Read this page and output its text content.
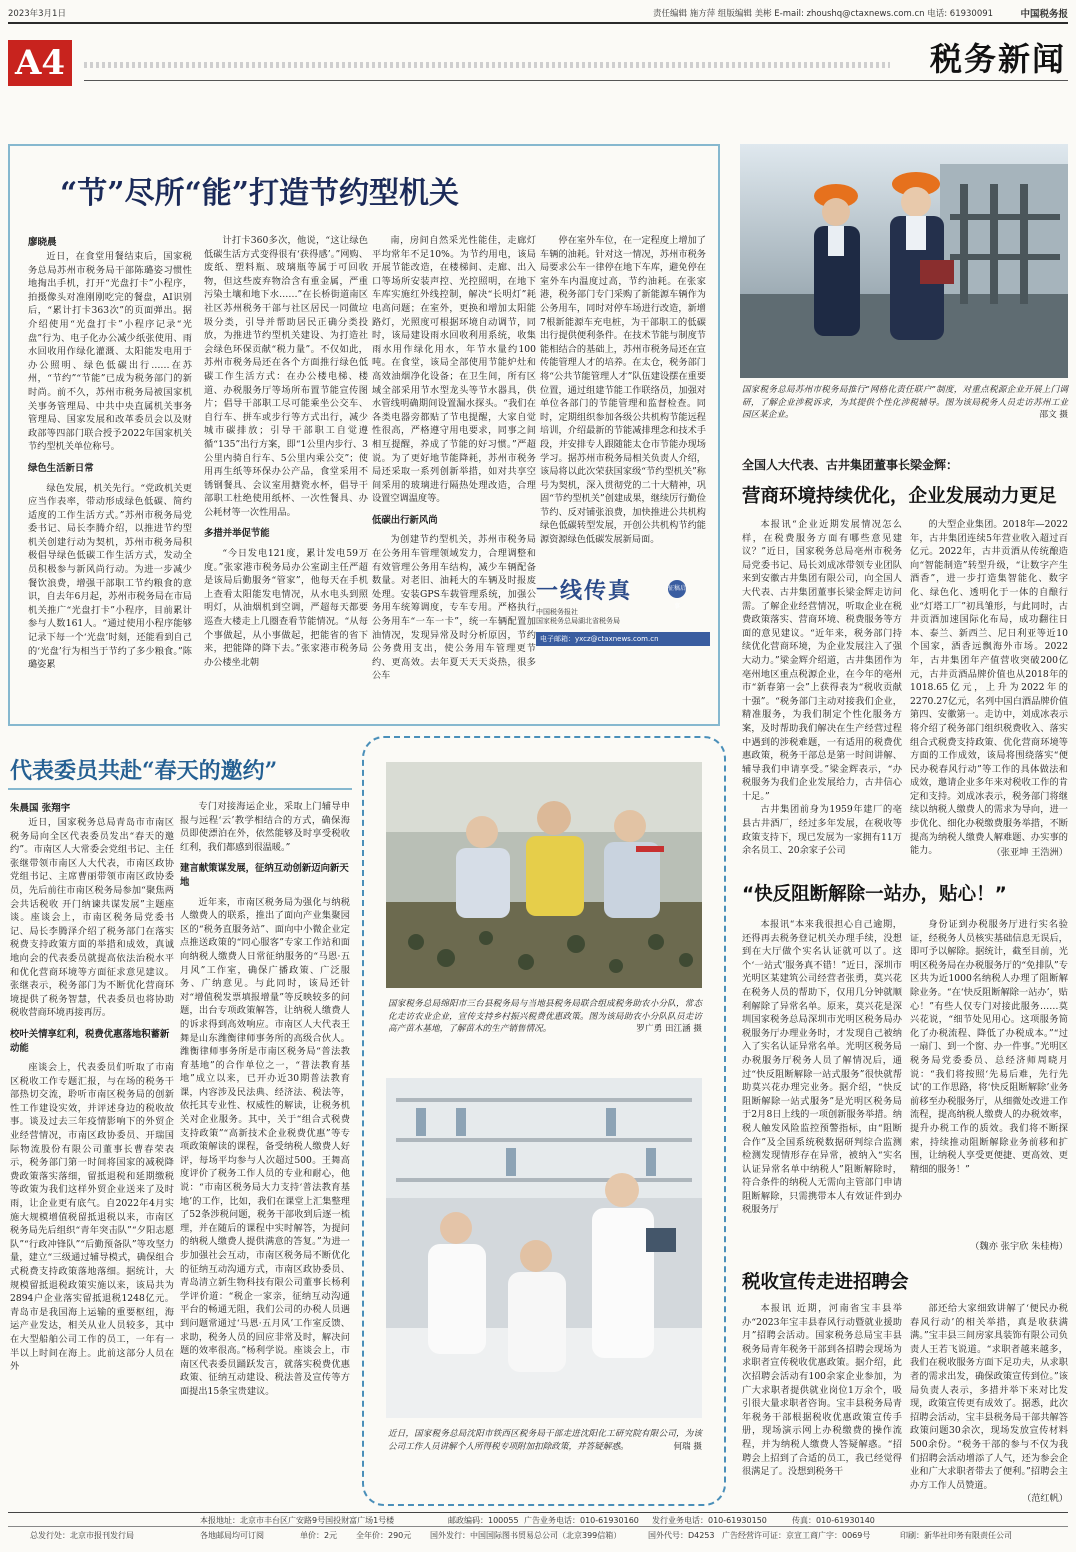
2023年3月1日	责任编辑 施方萍 组版编辑 美彬 E-mail: zhoushq@ctaxnews.com.cn 电话: 61930091	中国税务报
A4	税务新闻
“节”尽所“能”打造节约型机关
廖晓晨
近日，在食堂用餐结束后，国家税务总局苏州市税务局干部陈璐姿习惯性地掏出手机，打开“光盘打卡”小程序，拍摄像头对准刚刚吃完的餐盘，AI识别后，“累计打卡363次”的页面弹出。据介绍使用“光盘打卡”小程序记录“光盘”行为、电子化办公减少纸张使用、雨水回收用作绿化灌溉、太阳能发电用于办公照明、绿色低碳出行……在苏州，“节约”“节能”已成为税务部门的新时尚。前不久，苏州市税务局被国家机关事务管理局、中共中央直属机关事务管理局、国家发展和改革委员会以及财政部等四部门联合授予2022年国家机关节约型机关单位称号。
绿色生活新日常
绿色发展，机关先行。“党政机关更应当作表率，带动形成绿色低碳、简约适度的工作生活方式。”苏州市税务局党委书记、局长李腾介绍，以推进节约型机关创建行动为契机，苏州市税务局积极倡导绿色低碳工作生活方式，发动全员积极参与新风尚行动。为进一步减少餐饮浪费，增强干部职工节约粮食的意识，自去年6月起，苏州市税务局在市局机关推广“光盘打卡”小程序，目前累计参与人数161人。“通过使用小程序能够记录下每一个‘光盘’时刻，还能看到自己的‘光盘’行为相当于节约了多少粮食。”陈璐姿累
计打卡360多次，他说，“这让绿色低碳生活方式变得很有‘获得感’。”网购、废纸、塑料瓶、玻璃瓶等属于可回收物，但这些废弃物洽含有重金属，严重污染土壤和地下水……”在长桥街道南区社区苏州税务干部与社区居民一同做垃圾分类，引导并帮助居民正确分类投放，为推进节约型机关建设、为打造社会绿色环保贡献“税力量”。不仅如此，苏州市税务局还在各个方面推行绿色低碳工作生活方式：在办公楼电梯、楼道、办税服务厅等场所布置节能宣传图片；倡导干部职工尽可能乘坐公交车、自行车、拼车或步行等方式出行，减少城市碳排放；引导干部职工自觉遵循“135”出行方案，即“1公里内步行、3公里内骑自行车、5公里内乘公交”；使用再生纸等环保办公产品，食堂采用不锈钢餐具、会议室用搪瓷水杯，倡导干部职工杜绝使用纸杯、一次性餐具、办公耗材等一次性用品。
多措并举促节能
“今日发电121度，累计发电59万度。”张家港市税务局办公室副主任严超是该局后勤服务“管家”，他每天在手机上查看太阳能发电情况，从水电头到照明灯，从油烟机到空调，严超每天都要巡查大楼走上几圈查看节能情况。“从每个事做起，从小事做起，把能省的省下来，把能降的降下去。”张家港市税务局办公楼坐北朝
南，房间自然采光性能佳，走廊灯平均常年不足10%。为节约用电，该局开展节能改造，在楼梯间、走廊、出入口等场所安装声控、光控照明，在地下车库实施红外线控制，解决“长明灯”耗电高问题；在室外，更换和增加太阳能路灯，光照度可根据环境自动调节，同时，该局建设雨水回收利用系统，收集雨水用作绿化用水，年节水量约100吨。在食堂，该局全部使用节能炉灶和高效油烟净化设备；在卫生间，所有区域全部采用节水型龙头等节水器具，供水管线明确期间设置漏水探头。“我们在各类电器旁都贴了节电提醒，大家自觉性很高，严格遵守用电要求，同事之间相互提醒，养成了节能的好习惯。”严超说。为了更好地节能降耗，苏州市税务局还采取一系列创新举措，如对共享空间采用的玻璃进行隔热处理改造，合理设置空调温度等。
低碳出行新风尚
为创建节约型机关，苏州市税务局在公务用车管理领域发力，合理调整和有效管理公务用车结构，减少车辆配备数量。对老旧、油耗大的车辆及时报废处理。安装GPS车载管理系统，加强公务用车统筹调度，专车专用。严格执行公务用车“一车一卡”，统一车辆配置加油情况，发现异常及时分析原因，节约公务费用支出，使公务用车管理更节约、更高效。去年夏天天天炎热，很多公车
停在室外车位，在一定程度上增加了车辆的油耗。针对这一情况，苏州市税务局要求公车一律停在地下车库，避免停在室外车内温度过高，节约油耗。在张家港，税务部门专门采购了新能源车辆作为公务用车，同时对停车场进行改造，新增7根新能源车充电桩，为干部职工的低碳出行提供便利条件。在技术节能与制度节能相结合的基础上，苏州市税务局还在宣传能管理人才的培养。在太仓，税务部门将“公共节能管理人才”队伍建设摆在重要位置，通过组建节能工作联络员，加强对单位各部门的节能管理和监督检查。同时，定期组织参加各级公共机构节能远程培训，介绍最新的节能减排理念和技术手段，并安排专人跟随能太仓市节能办现场学习。据苏州市税务局相关负责人介绍，该局将以此次荣获国家级“节约型机关”称号为契机，深入贯彻党的二十大精神，巩固“节约型机关”创建成果，继续厉行勤俭节约、反对铺张浪费，加快推进公共机构绿色低碳转型发展，开创公共机构节约能源资源绿色低碳发展新局面。
一线传真	征稿启事
中国税务报社
国家税务总局湖北省税务局
电子邮箱：yxcz@ctaxnews.com.cn
国家税务总局苏州市税务局推行“网格化责任联户”制度，对重点税源企业开展上门调研，了解企业涉税诉求，为其提供个性化涉税辅导。图为该局税务人员走访苏州工业园区某企业。	邵文 摄
全国人大代表、古井集团董事长梁金辉：
营商环境持续优化，企业发展动力更足
本报讯“企业近期发展情况怎么样，在税费服务方面有哪些意见建议？”近日，国家税务总局亳州市税务局党委书记、局长刘成冰带领专业团队来到安徽古井集团有限公司，向全国人大代表、古井集团董事长梁金辉走访问需。了解企业经营情况，听取企业在税费政策落实、营商环境、税费服务等方面的意见建议。“近年来，税务部门持续优化营商环境，为企业发展注入了强大动力。”梁金辉介绍道，古井集团作为亳州地区重点税源企业，在今年的亳州市“新春第一会”上获得表为“税收贡献十强”。“税务部门主动对接我们企业，精准服务，为我们制定个性化服务方案，及时帮助我们解决在生产经营过程中遇到的涉税难题，一有适用的税费优惠政策，税务干部总是第一时间讲解、辅导我们申请享受。”梁金辉表示，“办税服务为我们企业发展给力，古井信心十足。”
古井集团前身为1959年建厂的亳县古井酒厂，经过多年发展，在税收等政策支持下，现已发展为一家拥有11万余名员工、20余家子公司
的大型企业集团。2018年—2022年，古井集团连续5年营业收入超过百亿元。2022年，古井贡酒从传统酿造向“智能制造”转型升级，“让数字产生酒香”，进一步打造集智能化、数字化、绿色化、透明化于一体的自酿行业“灯塔工厂”初具雏形，与此同时，古井贡酒加速国际化布局，成功翻往日本、泰兰、新西兰、尼日利亚等近10个国家，酒香远飘海外市场。2022年，古井集团年产值营收突破200亿元，古井贡酒品牌价值也从2018年的1018.65亿元，上升为2022年的2270.27亿元，名列中国白酒品牌价值第四、安徽第一。走访中，刘成冰表示将介绍了税务部门组织税费收入、落实组合式税费支持政策、优化营商环境等方面的工作成效，该局将围绕落实“便民办税春风行动”等工作的具体做法和成效，邀请企业多年来对税收工作的肯定和支持。刘成冰表示，税务部门将继续以纳税人缴费人的需求为导向，进一步优化、细化办税缴费服务举措，不断提高为纳税人缴费人解难题、办实事的能力。	（张亚坤 王浩洲）
“快反阻断解除一站办，贴心！”
本报讯“本来我很担心自己逾期，还得再去税务登记机关办理手续，没想到在大厅做个实名认证就可以了。这个‘一站式’服务真不错！”近日，深圳市光明区某建筑公司经营者张勇，莫兴花在税务人员的帮助下，仅用几分钟就顺利解除了异常名单。原来，莫兴花是深圳国家税务总局深圳市光明区税务局办税服务厅办理业务时，才发现自己被纳入了实名认证异常名单。光明区税务局办税服务厅税务人员了解情况后，通过“快反阻断解除一站式服务”很快就帮助莫兴花办理完业务。据介绍，“快反阻断解除一站式服务”是光明区税务局于2月8日上线的一项创新服务举措。纳税人触发风险监控预警指标，由“阻断合作”及全国系统税数据研判综合监测检测发现情形存在异常，被纳入“实名认证异常名单中纳税人”阻断解除时，符合条件的纳税人无需向主管部门申请阻断解除，只需携带本人有效证件到办税服务厅
身份证到办税服务厅进行实名验证，经税务人员核实基础信息无误后，即可予以解除。据统计，截至目前，光明区税务局在办税服务厅的“免排队”专区共为近1000名纳税人办理了阻断解除业务。“在‘快反阻断解除一站办’，贴心！”有些人仅专门对接此服务……莫兴花说，“细节处见用心。这项服务简化了办税流程、降低了办税成本。”“过一扇门、到一个窗、办一件事。”光明区税务局党委委员、总经济师周晓月说：“我们将按照‘先易后难，先行先试’的工作思路，将‘快反阻断解除’业务前移至办税服务厅，从细微处改进工作流程，提高纳税人缴费人的办税效率，提升办税工作的质效。我们将不断探索，持续推动阻断解除业务前移和扩围，让纳税人享受更便捷、更高效、更精细的服务！”
（魏亦 张宇欣 朱桂梅）
税收宣传走进招聘会
本报讯 近期，河南省宝丰县举办“2023年宝丰县春风行动暨就业援助月”招聘会活动。国家税务总局宝丰县税务局青年税务干部到各招聘会现场为求职者宣传税收优惠政策。据介绍，此次招聘会活动有100余家企业参加，为广大求职者提供就业岗位1万余个，吸引很大量求职者咨询。宝丰县税务局青年税务干部根据税收优惠政策宣传手册，现场演示网上办税缴费的操作流程，并为纳税人缴费人答疑解惑。“招聘会上招到了合适的员工，我已经觉得很满足了。没想到税务干
部还给大家细致讲解了‘便民办税春风行动’的相关举措，真是收获满满。”宝丰县三间房家具装饰有限公司负责人王若飞说道。“求职者越来越多，我们在税收服务方面下足功夫，从求职者的需求出发，确保政策宣传到位。”该局负责人表示，多措并举下来对比发现，政策宣传更有成效了。据悉，此次招聘会活动，宝丰县税务局干部共解答政策问题30余次，现场发放宣传材料500余份。“税务干部的参与不仅为我们招聘会活动增添了人气，还为参会企业和广大求职者带去了便利。”招聘会主办方工作人员赞道。
（范红帆）
代表委员共赴“春天的邀约”
朱晨国 张翔宇
近日，国家税务总局青岛市市南区税务局向全区代表委员发出“春天的邀约”。市南区人大常委会党组书记、主任张继带领市南区人大代表，市南区政协党组书记、主席曹丽带领市南区政协委员，先后前往市南区税务局参加“聚焦两会共话税收 开门纳谏共谋发展”主题座谈。座谈会上，市南区税务局党委书记、局长李腾泽介绍了税务部门在落实税费支持政策方面的举措和成效，真诚地向会的代表委员就提高依法治税水平和优化营商环境等方面征求意见建议。张继表示，税务部门为不断优化营商环境提供了税务智慧，代表委员也将协助税收营商环境再接再厉。
校叶关情享红利，税费优惠落地积蓄新动能
座谈会上，代表委员们听取了市南区税收工作专题汇报，与在场的税务干部热切交流，聆听市南区税务局的创新性工作建设实效，并评述身边的税收故事。谈及过去三年疫情影响下的外贸企业经营情况，市南区政协委员、开瑞国际物流股份有限公司董事长曹春荣表示，税务部门第一时间将国家的减税降费政策落实落细，留抵退税和延期缴税等政策为我们这样外贸企业送来了及时雨，让企业更有底气。自2022年4月实施大规模增值税留抵退税以来，市南区税务局先后组织“青年突击队”“夕阳志愿队”“行政冲锋队”“后勤预备队”等攻坚力量，建立“三级通过辅导模式，确保组合式税费支持政策落地落细。据统计，大规模留抵退税政策实施以来，该局共为2894户企业落实留抵退税1248亿元。青岛市是我国海上运输的重要枢纽，海运产业发达，相关从业人员较多，其中在大型船舶公司工作的员工，一年有一半以上时间在海上。此前这部分人员在外
专门对接海运企业，采取上门辅导申报与远程‘云’教学相结合的方式，确保海员即使漂泊在外，依然能够及时享受税收红利，我们都感到很温暖。”
建言献策谋发展，征纳互动创新迈向新天地
近年来，市南区税务局为强化与纳税人缴费人的联系，推出了面向产业集聚园区的“税务直服务站”、面向中小微企业定点推送政策的“同心服客”专家工作站和面向纳税人缴费人日常征纳服务的“马恩·五月风”工作室，确保广播政策、广泛服务、广纳意见。与此同时，该局还针对“增值税发票填报增量”等反映较多的问题，出台专项政策解答，让纳税人缴费人的诉求得到高效响应。市南区人大代表王舞是山东潍衡律师事务所的高级合伙人。潍衡律师事务所是市南区税务局“普法教育基地”的合作单位之一，“普法教育基地”成立以来，已开办近30期普法教育课，内容涉及民法典、经济法、税法等，依托其专业性、权威性的解读，让税务机关对企业服务。其中，关于“组合式税费支持政策”“高新技术企业税费优惠”等专项政策解读的课程，备受纳税人缴费人好评，每场平均参与人次超过500。王舞高度评价了税务工作人员的专业和耐心，他说：“市南区税务局大力支持‘普法教育基地’的工作，比如，我们在课堂上汇集整理了52条涉税问题，税务干部收到后逐一梳理，并在随后的课程中实时解答，为提问的纳税人缴费人提供满意的答复。”为进一步加强社会互动，市南区税务局不断优化的征纳互动沟通方式，市南区政协委员、青岛清立新生物科技有限公司董事长杨利学评价道：“税企一家亲，征纳互动沟通平台的畅通无阻，我们公司的办税人员遇到问题常通过‘马恩·五月风’工作室反馈、求助，税务人员的回应非常及时，解决问题的效率很高。”杨利学说。座谈会上，市南区代表委员踊跃发言，就落实税费优惠政策、征纳互动建设、税法普及宣传等方面提出15条宝贵建议。
国家税务总局绵阳市三台县税务局与当地县税务局联合组成税务助农小分队，常态化走访农业企业，宣传支持乡村振兴税费优惠政策。图为该局助农小分队队员走访高产苗木基地，了解苗木的生产销售情况。	罗广勇 田江涵 摄
近日，国家税务总局沈阳市铁西区税务局干部走进沈阳化工研究院有限公司，为该公司工作人员讲解个人所得税专项附加扣除政策，并答疑解惑。	何瑞 摄
本报地址：北京市丰台区广安路9号国投财富广场1号楼	邮政编码：100055 广告业务电话：010-61930160 发行业务电话：010-61930150	传真：010-61930140
总发行处：北京市报刊发行局	各地邮局均可订阅	单价：2元 全年价：290元 国外发行：中国国际图书贸易总公司（北京399信箱）	国外代号：D4253 广告经营许可证：京宣工商广字：0069号	印刷：新华社印务有限责任公司
